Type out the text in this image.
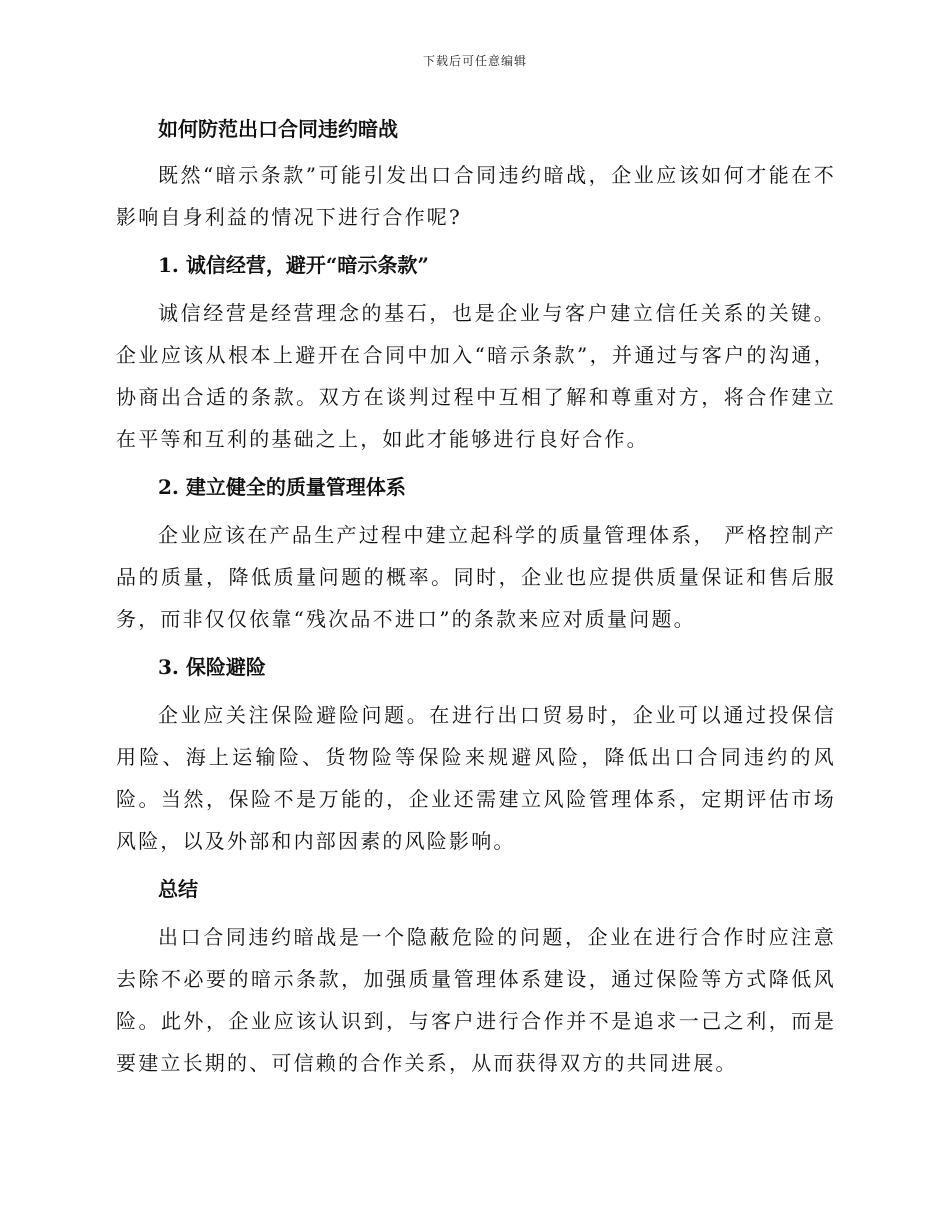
下载后可任意编辑
如何防范出口合同违约暗战

既然“暗示条款”可能引发出口合同违约暗战，企业应该如何才能在不影响自身利益的情况下进行合作呢?

1. 诚信经营，避开“暗示条款”

诚信经营是经营理念的基石，也是企业与客户建立信任关系的关键。企业应该从根本上避开在合同中加入“暗示条款”，并通过与客户的沟通，协商出合适的条款。双方在谈判过程中互相了解和尊重对方，将合作建立在平等和互利的基础之上，如此才能够进行良好合作。

2. 建立健全的质量管理体系

企业应该在产品生产过程中建立起科学的质量管理体系， 严格控制产品的质量，降低质量问题的概率。同时，企业也应提供质量保证和售后服务，而非仅仅依靠“残次品不进口”的条款来应对质量问题。

3. 保险避险

企业应关注保险避险问题。在进行出口贸易时，企业可以通过投保信用险、海上运输险、货物险等保险来规避风险，降低出口合同违约的风险。当然，保险不是万能的，企业还需建立风险管理体系，定期评估市场风险，以及外部和内部因素的风险影响。

总结

出口合同违约暗战是一个隐蔽危险的问题，企业在进行合作时应注意去除不必要的暗示条款，加强质量管理体系建设，通过保险等方式降低风险。此外，企业应该认识到，与客户进行合作并不是追求一己之利，而是要建立长期的、可信赖的合作关系，从而获得双方的共同进展。
